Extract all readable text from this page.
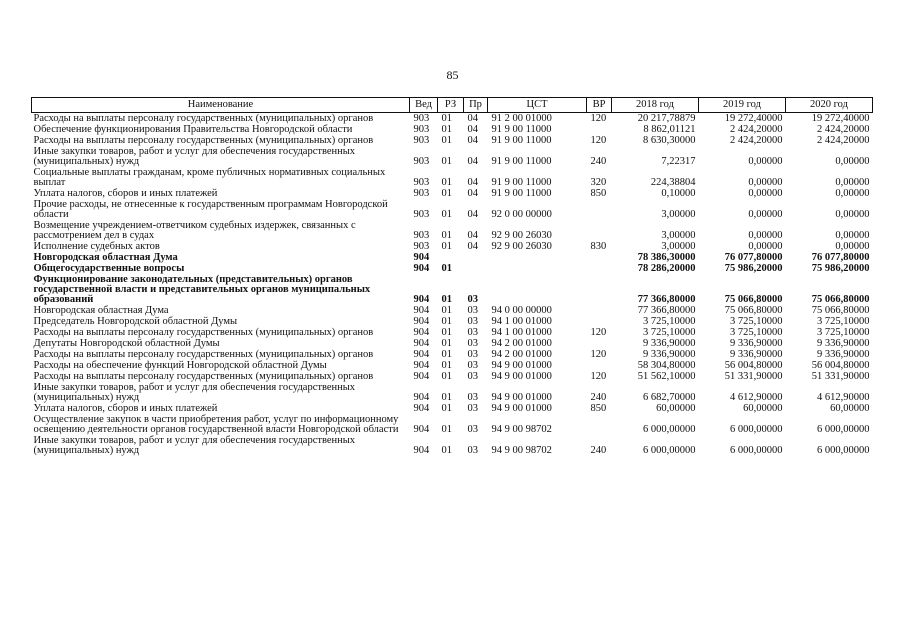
85
Наименование	Вед	РЗ	Пр	ЦСТ	ВР	2018 год	2019 год	2020 год
Расходы на выплаты персоналу государственных (муниципальных) органов	903	01	04	91 2 00 01000	120	20 217,78879	19 272,40000	19 272,40000
Обеспечение функционирования Правительства Новгородской области	903	01	04	91 9 00 11000		8 862,01121	2 424,20000	2 424,20000
Расходы на выплаты персоналу государственных (муниципальных) органов	903	01	04	91 9 00 11000	120	8 630,30000	2 424,20000	2 424,20000
Иные закупки товаров, работ и услуг для обеспечения государственных (муниципальных) нужд	903	01	04	91 9 00 11000	240	7,22317	0,00000	0,00000
Социальные выплаты гражданам, кроме публичных нормативных социальных выплат	903	01	04	91 9 00 11000	320	224,38804	0,00000	0,00000
Уплата налогов, сборов и иных платежей	903	01	04	91 9 00 11000	850	0,10000	0,00000	0,00000
Прочие расходы, не отнесенные к государственным программам Новгородской области	903	01	04	92 0 00 00000		3,00000	0,00000	0,00000
Возмещение учреждением-ответчиком судебных издержек, связанных с рассмотрением дел в судах	903	01	04	92 9 00 26030		3,00000	0,00000	0,00000
Исполнение судебных актов	903	01	04	92 9 00 26030	830	3,00000	0,00000	0,00000
Новгородская областная Дума	904					78 386,30000	76 077,80000	76 077,80000
Общегосударственные вопросы	904	01				78 286,20000	75 986,20000	75 986,20000
Функционирование законодательных (представительных) органов государственной власти и представительных органов муниципальных образований	904	01	03			77 366,80000	75 066,80000	75 066,80000
Новгородская областная Дума	904	01	03	94 0 00 00000		77 366,80000	75 066,80000	75 066,80000
Председатель Новгородской областной Думы	904	01	03	94 1 00 01000		3 725,10000	3 725,10000	3 725,10000
Расходы на выплаты персоналу государственных (муниципальных) органов	904	01	03	94 1 00 01000	120	3 725,10000	3 725,10000	3 725,10000
Депутаты Новгородской областной Думы	904	01	03	94 2 00 01000		9 336,90000	9 336,90000	9 336,90000
Расходы на выплаты персоналу государственных (муниципальных) органов	904	01	03	94 2 00 01000	120	9 336,90000	9 336,90000	9 336,90000
Расходы на обеспечение функций Новгородской областной Думы	904	01	03	94 9 00 01000		58 304,80000	56 004,80000	56 004,80000
Расходы на выплаты персоналу государственных (муниципальных) органов	904	01	03	94 9 00 01000	120	51 562,10000	51 331,90000	51 331,90000
Иные закупки товаров, работ и услуг для обеспечения государственных (муниципальных) нужд	904	01	03	94 9 00 01000	240	6 682,70000	4 612,90000	4 612,90000
Уплата налогов, сборов и иных платежей	904	01	03	94 9 00 01000	850	60,00000	60,00000	60,00000
Осуществление закупок в части приобретения работ, услуг по информационному освещению деятельности органов государственной власти Новгородской области	904	01	03	94 9 00 98702		6 000,00000	6 000,00000	6 000,00000
Иные закупки товаров, работ и услуг для обеспечения государственных (муниципальных) нужд	904	01	03	94 9 00 98702	240	6 000,00000	6 000,00000	6 000,00000
